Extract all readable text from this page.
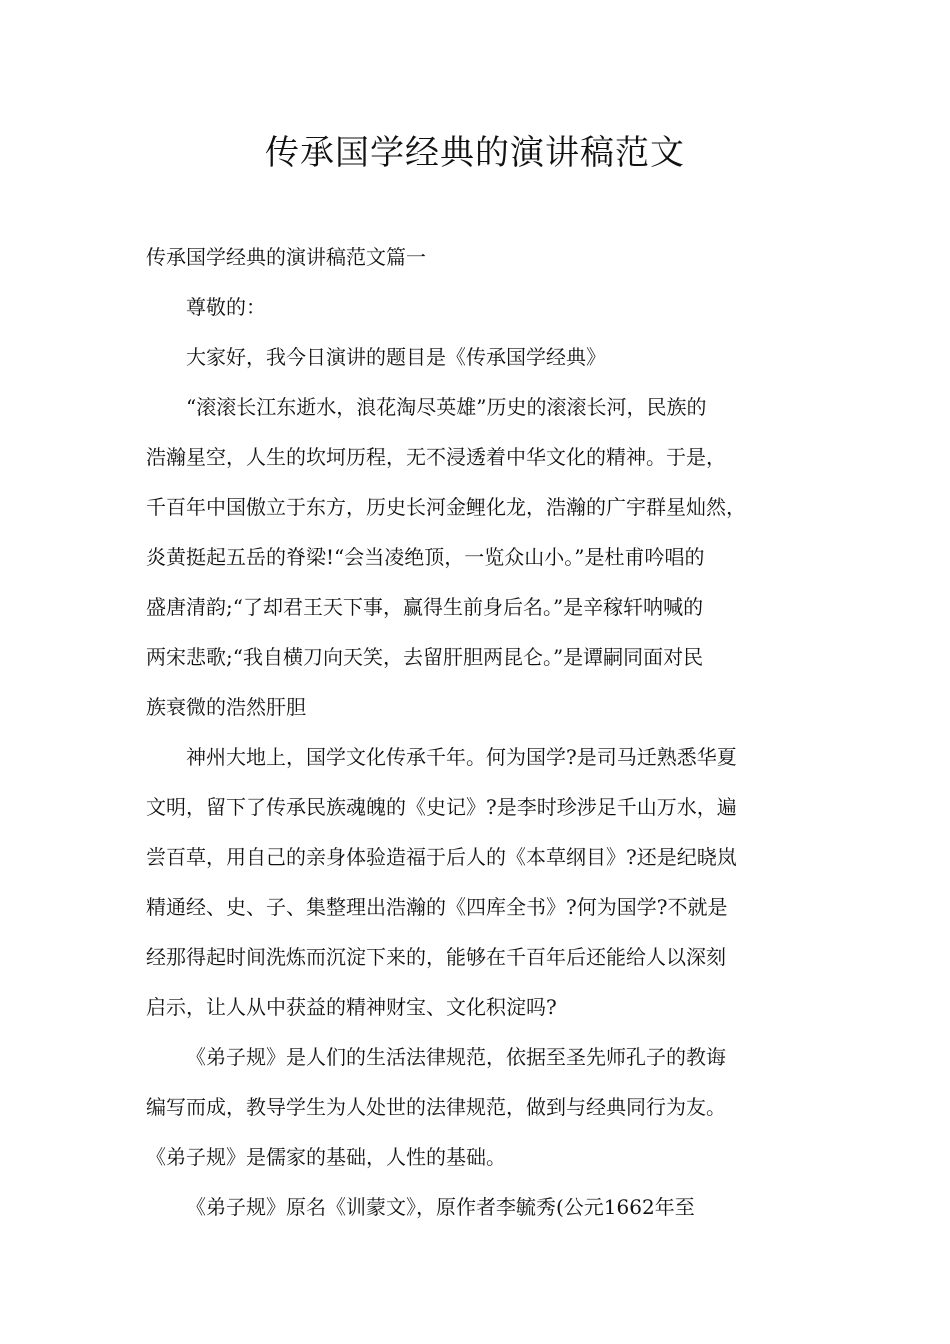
传承国学经典的演讲稿范文

传承国学经典的演讲稿范文篇一

尊敬的：

大家好，我今日演讲的题目是《传承国学经典》

“滚滚长江东逝水，浪花淘尽英雄”历史的滚滚长河，民族的
浩瀚星空，人生的坎坷历程，无不浸透着中华文化的精神。于是，
千百年中国傲立于东方，历史长河金鲤化龙，浩瀚的广宇群星灿然，
炎黄挺起五岳的脊梁!“会当凌绝顶，一览众山小。”是杜甫吟唱的
盛唐清韵;“了却君王天下事，赢得生前身后名。”是辛稼轩呐喊的
两宋悲歌;“我自横刀向天笑，去留肝胆两昆仑。”是谭嗣同面对民
族衰微的浩然肝胆

神州大地上，国学文化传承千年。何为国学?是司马迁熟悉华夏
文明，留下了传承民族魂魄的《史记》?是李时珍涉足千山万水，遍
尝百草，用自己的亲身体验造福于后人的《本草纲目》?还是纪晓岚
精通经、史、子、集整理出浩瀚的《四库全书》?何为国学?不就是
经那得起时间洗炼而沉淀下来的，能够在千百年后还能给人以深刻
启示，让人从中获益的精神财宝、文化积淀吗?

《弟子规》是人们的生活法律规范，依据至圣先师孔子的教诲
编写而成，教导学生为人处世的法律规范，做到与经典同行为友。
《弟子规》是儒家的基础，人性的基础。

《弟子规》原名《训蒙文》，原作者李毓秀(公元1662年至
